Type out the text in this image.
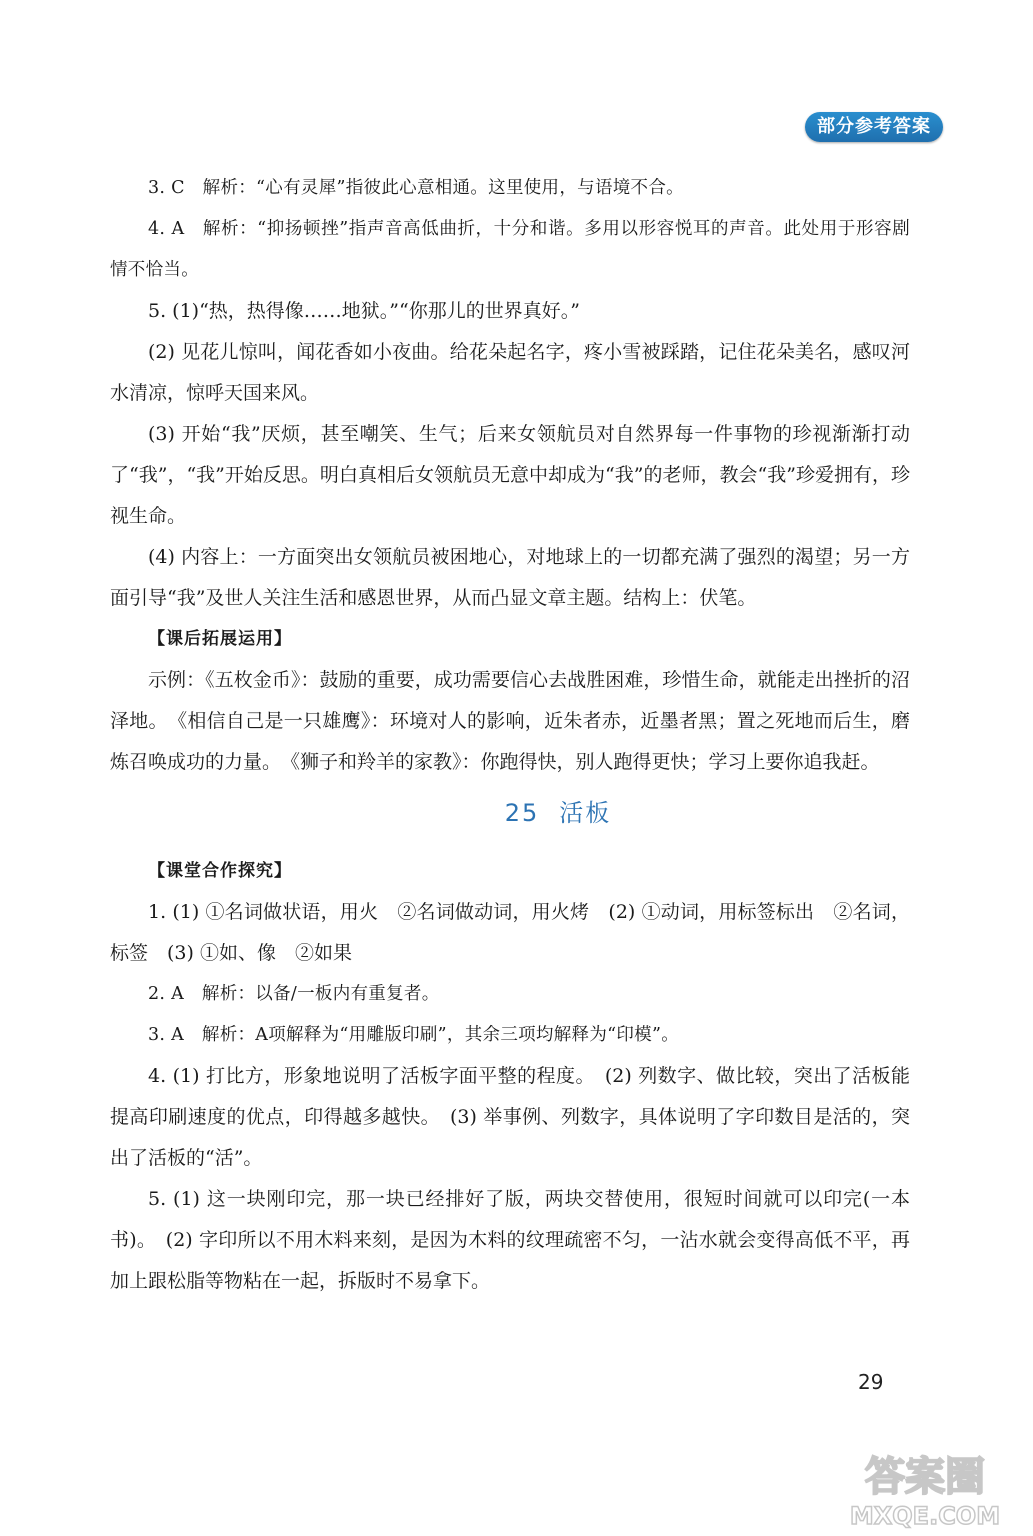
部分参考答案

3. C　解析：“心有灵犀”指彼此心意相通。这里使用，与语境不合。

4. A　解析：“抑扬顿挫”指声音高低曲折，十分和谐。多用以形容悦耳的声音。此处用于形容剧情不恰当。

5. (1)“热，热得像……地狱。”“你那儿的世界真好。”

(2) 见花儿惊叫，闻花香如小夜曲。给花朵起名字，疼小雪被踩踏，记住花朵美名，感叹河水清凉，惊呼天国来风。

(3) 开始“我”厌烦，甚至嘲笑、生气；后来女领航员对自然界每一件事物的珍视渐渐打动了“我”，“我”开始反思。明白真相后女领航员无意中却成为“我”的老师，教会“我”珍爱拥有，珍视生命。

(4) 内容上：一方面突出女领航员被困地心，对地球上的一切都充满了强烈的渴望；另一方面引导“我”及世人关注生活和感恩世界，从而凸显文章主题。结构上：伏笔。

【课后拓展运用】

示例：《五枚金币》：鼓励的重要，成功需要信心去战胜困难，珍惜生命，就能走出挫折的沼泽地。　《相信自己是一只雄鹰》：环境对人的影响，近朱者赤，近墨者黑；置之死地而后生，磨炼召唤成功的力量。　《狮子和羚羊的家教》：你跑得快，别人跑得更快；学习上要你追我赶。

25 活板

【课堂合作探究】

1. (1) ①名词做状语，用火　②名词做动词，用火烤　(2) ①动词，用标签标出　②名词，标签　(3) ①如、像　②如果

2. A　解析：以备/一板内有重复者。

3. A　解析：A项解释为“用雕版印刷”，其余三项均解释为“印模”。

4. (1) 打比方，形象地说明了活板字面平整的程度。　(2) 列数字、做比较，突出了活板能提高印刷速度的优点，印得越多越快。　(3) 举事例、列数字，具体说明了字印数目是活的，突出了活板的“活”。

5. (1) 这一块刚印完，那一块已经排好了版，两块交替使用，很短时间就可以印完(一本书)。　(2) 字印所以不用木料来刻，是因为木料的纹理疏密不匀，一沾水就会变得高低不平，再加上跟松脂等物粘在一起，拆版时不易拿下。

29
答案圈
MXQE.COM
